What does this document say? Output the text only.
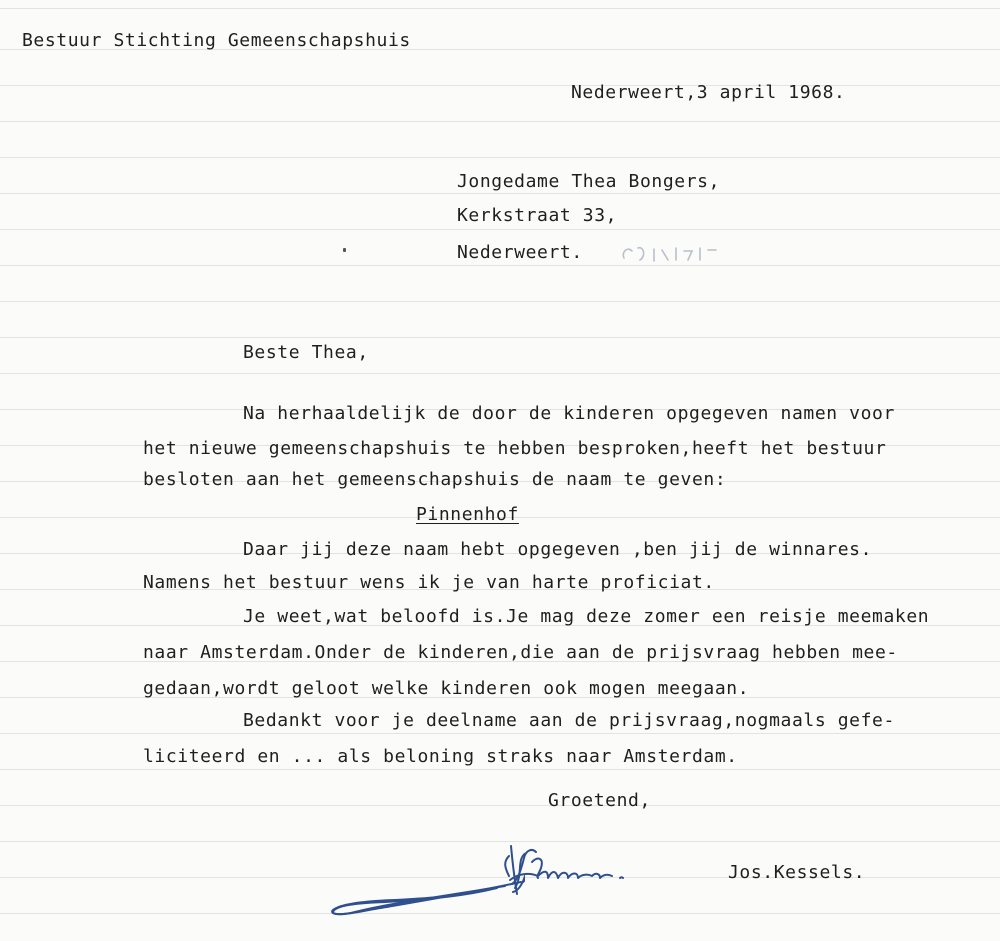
Bestuur Stichting Gemeenschapshuis

Nederweert,3 april 1968.

Jongedame Thea Bongers,

Kerkstraat 33,

Nederweert.

Beste Thea,

Na herhaaldelijk de door de kinderen opgegeven namen voor

het nieuwe gemeenschapshuis te hebben besproken,heeft het bestuur

besloten aan het gemeenschapshuis de naam te geven:

Pinnenhof

Daar jij deze naam hebt opgegeven ,ben jij de winnares.

Namens het bestuur wens ik je van harte proficiat.

Je weet,wat beloofd is.Je mag deze zomer een reisje meemaken

naar Amsterdam.Onder de kinderen,die aan de prijsvraag hebben mee-

gedaan,wordt geloot welke kinderen ook mogen meegaan.

Bedankt voor je deelname aan de prijsvraag,nogmaals gefe-

liciteerd en ... als beloning straks naar Amsterdam.

Groetend,

Jos.Kessels.
